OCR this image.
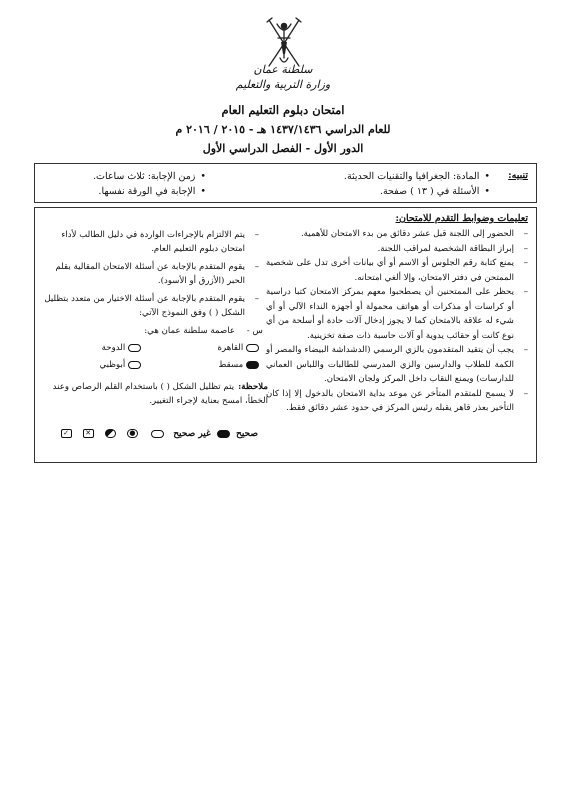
سلطنة عمان
وزارة التربية والتعليم
امتحان دبلوم التعليم العام
للعام الدراسي ١٤٣٧/١٤٣٦ هـ - ٢٠١٥ / ٢٠١٦ م
الدور الأول - الفصل الدراسي الأول
تنبيه:
•المادة: الجغرافيا والتقنيات الحديثة.
•الأسئلة في ( ١٣ ) صفحة.
•زمن الإجابة: ثلاث ساعات.
•الإجابة في الورقة نفسها.
تعليمات وضوابط التقدم للامتحان:
– الحضور إلى اللجنة قبل عشر دقائق من بدء الامتحان للأهمية.
– إبراز البطاقة الشخصية لمراقب اللجنة.
– يمنع كتابة رقم الجلوس أو الاسم أو أي بيانات أخرى تدل على شخصية الممتحن في دفتر الامتحان، وإلا ألغي امتحانه.
– يحظر على الممتحنين أن يصطحبوا معهم بمركز الامتحان كتبا دراسية أو كراسات أو مذكرات أو هواتف محمولة أو أجهزة النداء الآلي أو أي شيء له علاقة بالامتحان كما لا يجوز إدخال آلات حادة أو أسلحة من أي نوع كانت أو حقائب يدوية أو آلات حاسبة ذات صفة تخزينية.
– يجب أن يتقيد المتقدمون بالزي الرسمي (الدشداشة البيضاء والمصر أو الكمة للطلاب والدارسين والزي المدرسي للطالبات واللباس العماني للدارسات) ويمنع النقاب داخل المركز ولجان الامتحان.
– لا يسمح للمتقدم المتأخر عن موعد بداية الامتحان بالدخول إلا إذا كان التأخير بعذر قاهر يقبله رئيس المركز في حدود عشر دقائق فقط.
– يتم الالتزام بالإجراءات الواردة في دليل الطالب لأداء امتحان دبلوم التعليم العام.
– يقوم المتقدم بالإجابة عن أسئلة الامتحان المقالية بقلم الحبر (الأزرق أو الأسود).
– يقوم المتقدم بالإجابة عن أسئلة الاختيار من متعدد بتظليل الشكل ( ) وفق النموذج الآتي:
س -
عاصمة سلطنة عمان هي:
القاهرة
الدوحة
مسقط
أبوظبي
ملاحظة:يتم تظليل الشكل ( ) باستخدام القلم الرصاص وعند الخطأ، امسح بعناية لإجراء التغيير.
صحيح  غير صحيح  ●  ✕ ✓
